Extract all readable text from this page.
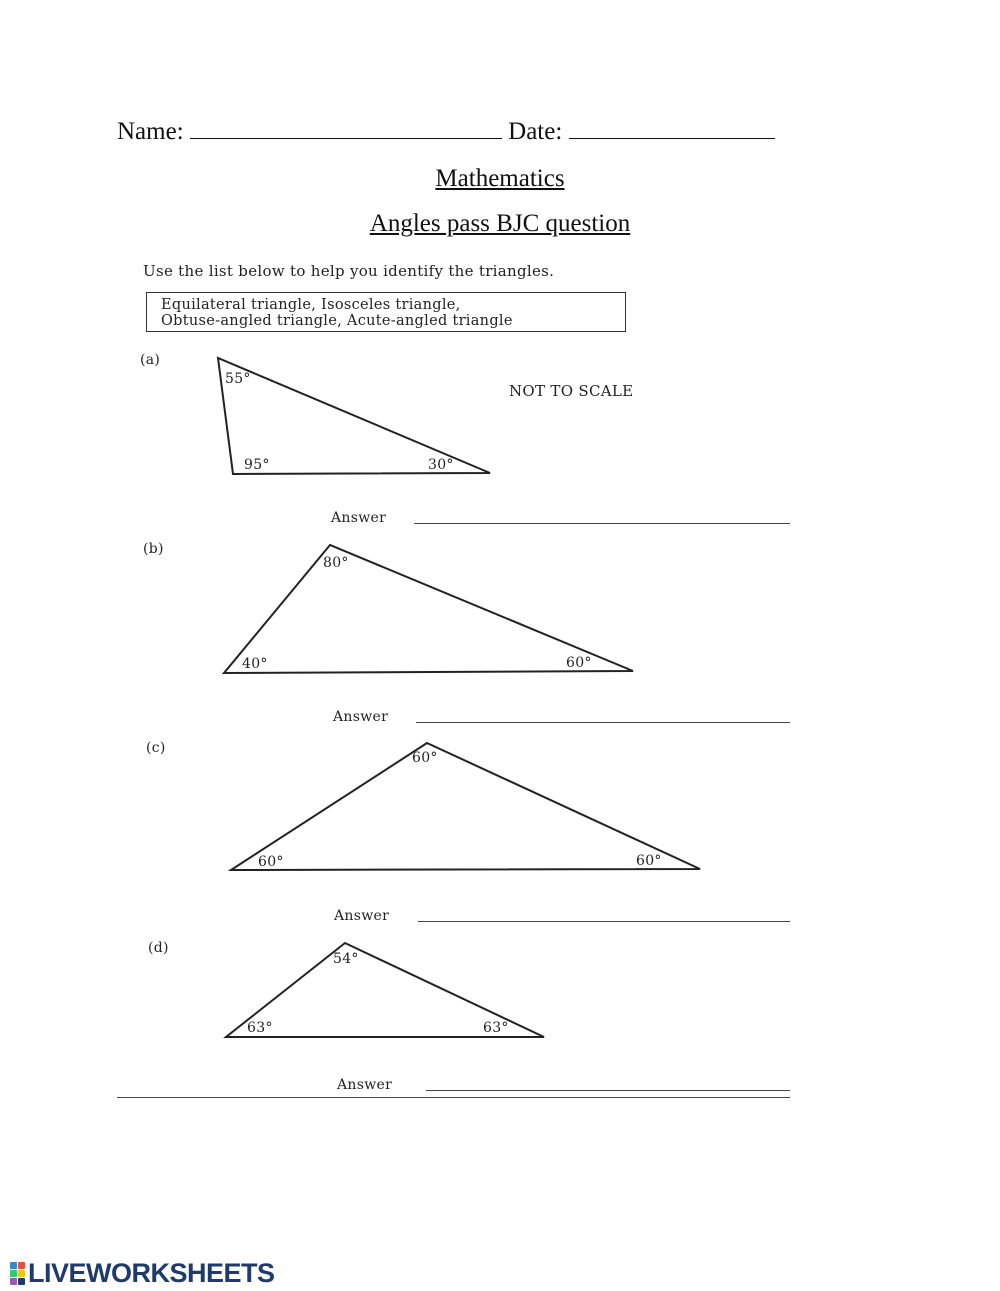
Name:	Date:
Mathematics
Angles pass BJC question
Use the list below to help you identify the triangles.
Equilateral triangle, Isosceles triangle,
Obtuse-angled triangle, Acute-angled triangle
NOT TO SCALE
(a)
(b)
(c)
(d)
55°
95°	30°
80°
40°	60°
60°
60°	60°
54°
63°	63°
Answer
Answer
Answer
Answer
LIVEWORKSHEETS
